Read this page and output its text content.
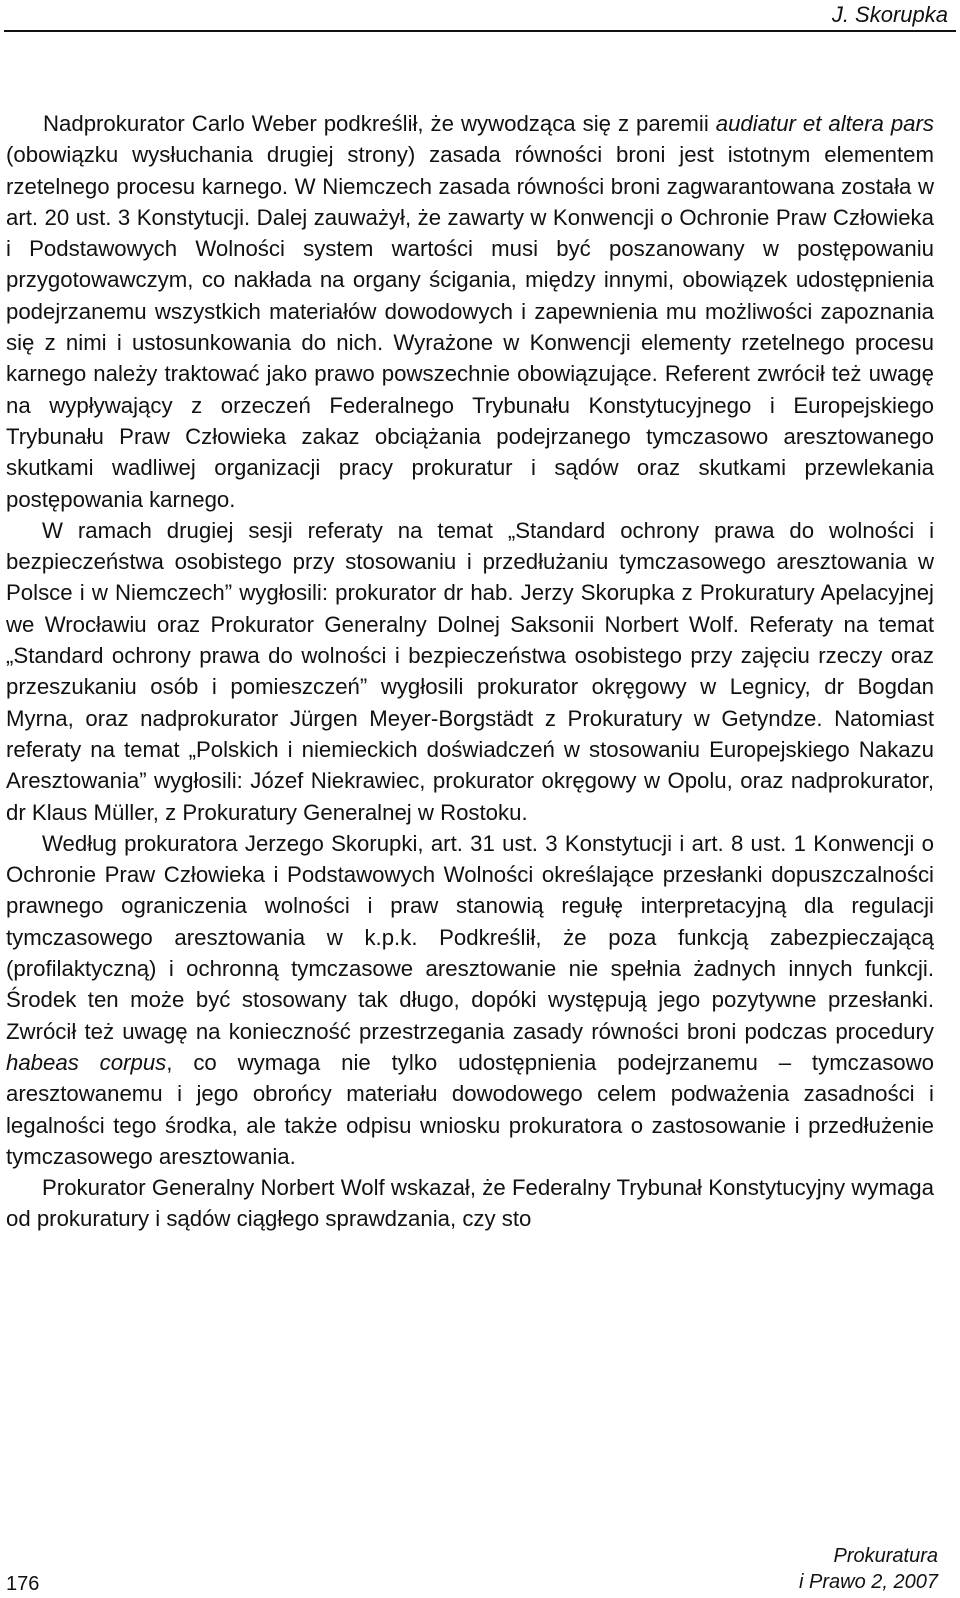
J. Skorupka

Nadprokurator Carlo Weber podkreślił, że wywodząca się z paremii audiatur et altera pars (obowiązku wysłuchania drugiej strony) zasada równości broni jest istotnym elementem rzetelnego procesu karnego. W Niemczech zasada równości broni zagwarantowana została w art. 20 ust. 3 Konstytucji. Dalej zauważył, że zawarty w Konwencji o Ochronie Praw Człowieka i Podstawowych Wolności system wartości musi być poszanowany w postępowaniu przygotowawczym, co nakłada na organy ścigania, między innymi, obowiązek udostępnienia podejrzanemu wszystkich materiałów dowodowych i zapewnienia mu możliwości zapoznania się z nimi i ustosunkowania do nich. Wyrażone w Konwencji elementy rzetelnego procesu karnego należy traktować jako prawo powszechnie obowiązujące. Referent zwrócił też uwagę na wypływający z orzeczeń Federalnego Trybunału Konstytucyjnego i Europejskiego Trybunału Praw Człowieka zakaz obciążania podejrzanego tymczasowo aresztowanego skutkami wadliwej organizacji pracy prokuratur i sądów oraz skutkami przewlekania postępowania karnego.

W ramach drugiej sesji referaty na temat „Standard ochrony prawa do wolności i bezpieczeństwa osobistego przy stosowaniu i przedłużaniu tymczasowego aresztowania w Polsce i w Niemczech” wygłosili: prokurator dr hab. Jerzy Skorupka z Prokuratury Apelacyjnej we Wrocławiu oraz Prokurator Generalny Dolnej Saksonii Norbert Wolf. Referaty na temat „Standard ochrony prawa do wolności i bezpieczeństwa osobistego przy zajęciu rzeczy oraz przeszukaniu osób i pomieszczeń” wygłosili prokurator okręgowy w Legnicy, dr Bogdan Myrna, oraz nadprokurator Jürgen Meyer-Borgstädt z Prokuratury w Getyndze. Natomiast referaty na temat „Polskich i niemieckich doświadczeń w stosowaniu Europejskiego Nakazu Aresztowania” wygłosili: Józef Niekrawiec, prokurator okręgowy w Opolu, oraz nadprokurator, dr Klaus Müller, z Prokuratury Generalnej w Rostoku.

Według prokuratora Jerzego Skorupki, art. 31 ust. 3 Konstytucji i art. 8 ust. 1 Konwencji o Ochronie Praw Człowieka i Podstawowych Wolności określające przesłanki dopuszczalności prawnego ograniczenia wolności i praw stanowią regułę interpretacyjną dla regulacji tymczasowego aresztowania w k.p.k. Podkreślił, że poza funkcją zabezpieczającą (profilaktyczną) i ochronną tymczasowe aresztowanie nie spełnia żadnych innych funkcji. Środek ten może być stosowany tak długo, dopóki występują jego pozytywne przesłanki. Zwrócił też uwagę na konieczność przestrzegania zasady równości broni podczas procedury habeas corpus, co wymaga nie tylko udostępnienia podejrzanemu – tymczasowo aresztowanemu i jego obrońcy materiału dowodowego celem podważenia zasadności i legalności tego środka, ale także odpisu wniosku prokuratora o zastosowanie i przedłużenie tymczasowego aresztowania.

Prokurator Generalny Norbert Wolf wskazał, że Federalny Trybunał Konstytucyjny wymaga od prokuratury i sądów ciągłego sprawdzania, czy sto

176
Prokuratura
i Prawo 2, 2007
